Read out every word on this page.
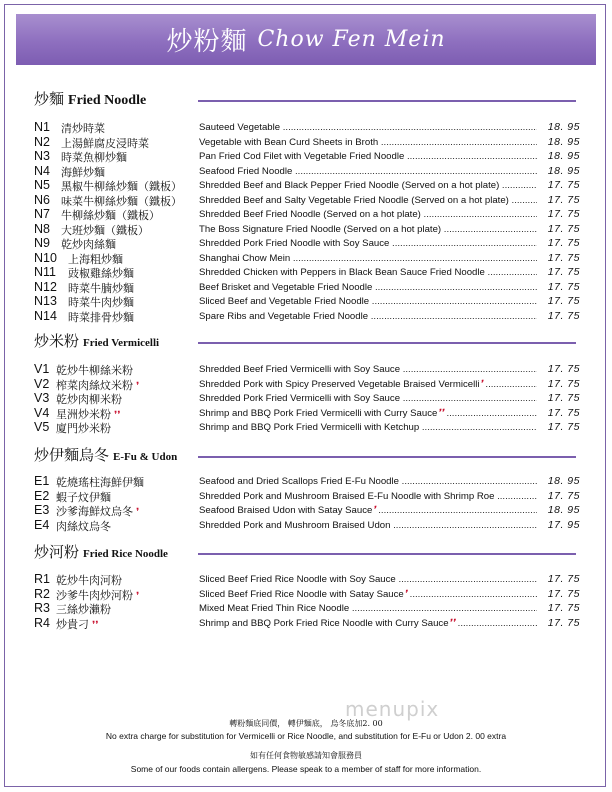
炒粉麵 Chow Fen Mein
炒麵 Fried Noodle
N1 清炒時菜	Sauteed Vegetable .....	18. 95
N2 上湯鮮腐皮浸時菜	Vegetable with Bean Curd Sheets in Broth .....	18. 95
N3 時菜魚柳炒麵	Pan Fried Cod Filet with Vegetable Fried Noodle .....	18. 95
N4 海鮮炒麵	Seafood Fried Noodle .....	18. 95
N5 黑椒牛柳絲炒麵（鐵板） Shredded Beef and Black Pepper Fried Noodle (Served on a hot plate) .....	17. 75
N6 味菜牛柳絲炒麵（鐵板） Shredded Beef and Salty Vegetable Fried Noodle (Served on a hot plate) .....	17. 75
N7 牛柳絲炒麵（鐵板）	Shredded Beef Fried Noodle (Served on a hot plate) .....	17. 75
N8 大班炒麵（鐵板）	The Boss Signature Fried Noodle (Served on a hot plate) .....	17. 75
N9 乾炒肉絲麵	Shredded Pork Fried Noodle with Soy Sauce .....	17. 75
N10 上海粗炒麵	Shanghai Chow Mein .....	17. 75
N11 豉椒雞絲炒麵	Shredded Chicken with Peppers in Black Bean Sauce Fried Noodle .....	17. 75
N12 時菜牛腩炒麵	Beef Brisket and Vegetable Fried Noodle .....	17. 75
N13 時菜牛肉炒麵	Sliced Beef and Vegetable Fried Noodle .....	17. 75
N14 時菜排骨炒麵	Spare Ribs and Vegetable Fried Noodle .....	17. 75
炒米粉 Fried Vermicelli
V1 乾炒牛柳絲米粉	Shredded Beef Fried Vermicelli with Soy Sauce .....	17. 75
V2 榨菜肉絲炆米粉 ❜	Shredded Pork with Spicy Preserved Vegetable Braised Vermicelli❜ .....	17. 75
V3 乾炒肉柳米粉	Shredded Pork Fried Vermicelli with Soy Sauce .....	17. 75
V4 星洲炒米粉 ❜❜	Shrimp and BBQ Pork Fried Vermicelli with Curry Sauce❜❜ .....	17. 75
V5 廈門炒米粉	Shrimp and BBQ Pork Fried Vermicelli with Ketchup .....	17. 75
炒伊麵烏冬 E-Fu & Udon
E1 乾燒瑤柱海鮮伊麵	Seafood and Dried Scallops Fried E-Fu Noodle .....	18. 95
E2 蝦子炆伊麵	Shredded Pork and Mushroom Braised E-Fu Noodle with Shrimp Roe .....	17. 75
E3 沙爹海鮮炆烏冬 ❜	Seafood Braised Udon with Satay Sauce❜ .....	18. 95
E4 肉絲炆烏冬	Shredded Pork and Mushroom Braised Udon .....	17. 95
炒河粉 Fried Rice Noodle
R1 乾炒牛肉河粉	Sliced Beef Fried Rice Noodle with Soy Sauce .....	17. 75
R2 沙爹牛肉炒河粉 ❜	Sliced Beef Fried Rice Noodle with Satay Sauce❜ .....	17. 75
R3 三絲炒瀨粉	Mixed Meat Fried Thin Rice Noodle .....	17. 75
R4 炒貴刁 ❜❜	Shrimp and BBQ Pork Fried Rice Noodle with Curry Sauce❜❜ .....	17. 75
menupix
轉粉麵底同價， 轉伊麵底， 烏冬底加2. 00
No extra charge for substitution for Vermicelli or Rice Noodle, and substitution for E-Fu or Udon 2. 00 extra
如有任何食物敏感請知會服務員
Some of our foods contain allergens. Please speak to a member of staff for more information.
